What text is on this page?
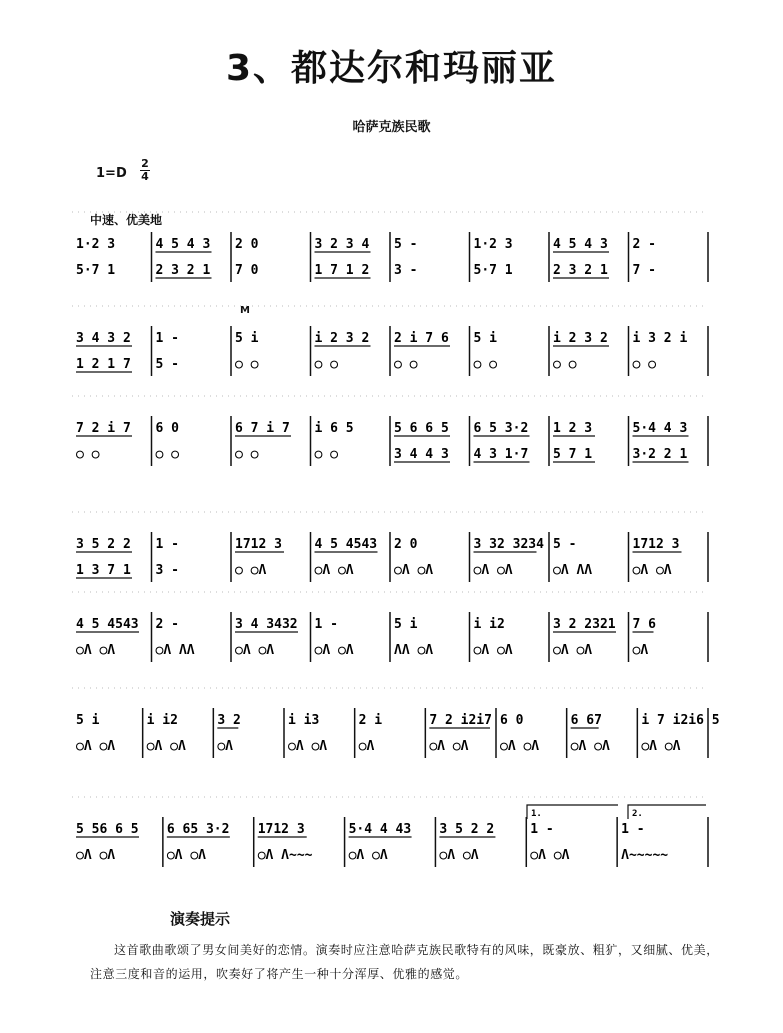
3、都达尔和玛丽亚
哈萨克族民歌
1=D
2
4
中速、优美地
M
1·2 3
5·7 1
4 5 4 3
2 3 2 1
2 0
7 0
3 2 3 4
1 7 1 2
5 -
3 -
1·2 3
5·7 1
4 5 4 3
2 3 2 1
2 -
7 -
3 4 3 2
1 2 1 7
1 -
5 -
5 i
○ ○
i 2 3 2
○ ○
2 i 7 6
○ ○
5 i
○ ○
i 2 3 2
○ ○
i 3 2 i
○ ○
7 2 i 7
○ ○
6 0
○ ○
6 7 i 7
○ ○
i 6 5
○ ○
5 6 6 5
3 4 4 3
6 5 3·2
4 3 1·7
1 2 3
5 7 1
5·4 4 3
3·2 2 1
3 5 2 2
1 3 7 1
1 -
3 -
1712 3
○ ○Λ
4 5 4543
○Λ ○Λ
2 0
○Λ ○Λ
3 32 3234
○Λ ○Λ
5 -
○Λ ΛΛ
1712 3
○Λ ○Λ
4 5 4543
○Λ ○Λ
2 -
○Λ ΛΛ
3 4 3432
○Λ ○Λ
1 -
○Λ ○Λ
5 i
ΛΛ ○Λ
i i2
○Λ ○Λ
3 2 2321
○Λ ○Λ
7 6
○Λ
5 i
○Λ ○Λ
i i2
○Λ ○Λ
3 2
○Λ
i i3
○Λ ○Λ
2 i
○Λ
7 2 i2i7
○Λ ○Λ
6 0
○Λ ○Λ
6 67
○Λ ○Λ
i 7 i2i6 5
○Λ ○Λ
5 56 6 5
○Λ ○Λ
6 65 3·2
○Λ ○Λ
1712 3
○Λ Λ~~~
5·4 4 43
○Λ ○Λ
3 5 2 2
○Λ ○Λ
1 -
○Λ ○Λ
1 -
Λ~~~~~
1.	2.
演奏提示

这首歌曲歌颂了男女间美好的恋情。演奏时应注意哈萨克族民歌特有的风味，既豪放、粗犷，又细腻、优美，注意三度和音的运用，吹奏好了将产生一种十分浑厚、优雅的感觉。
